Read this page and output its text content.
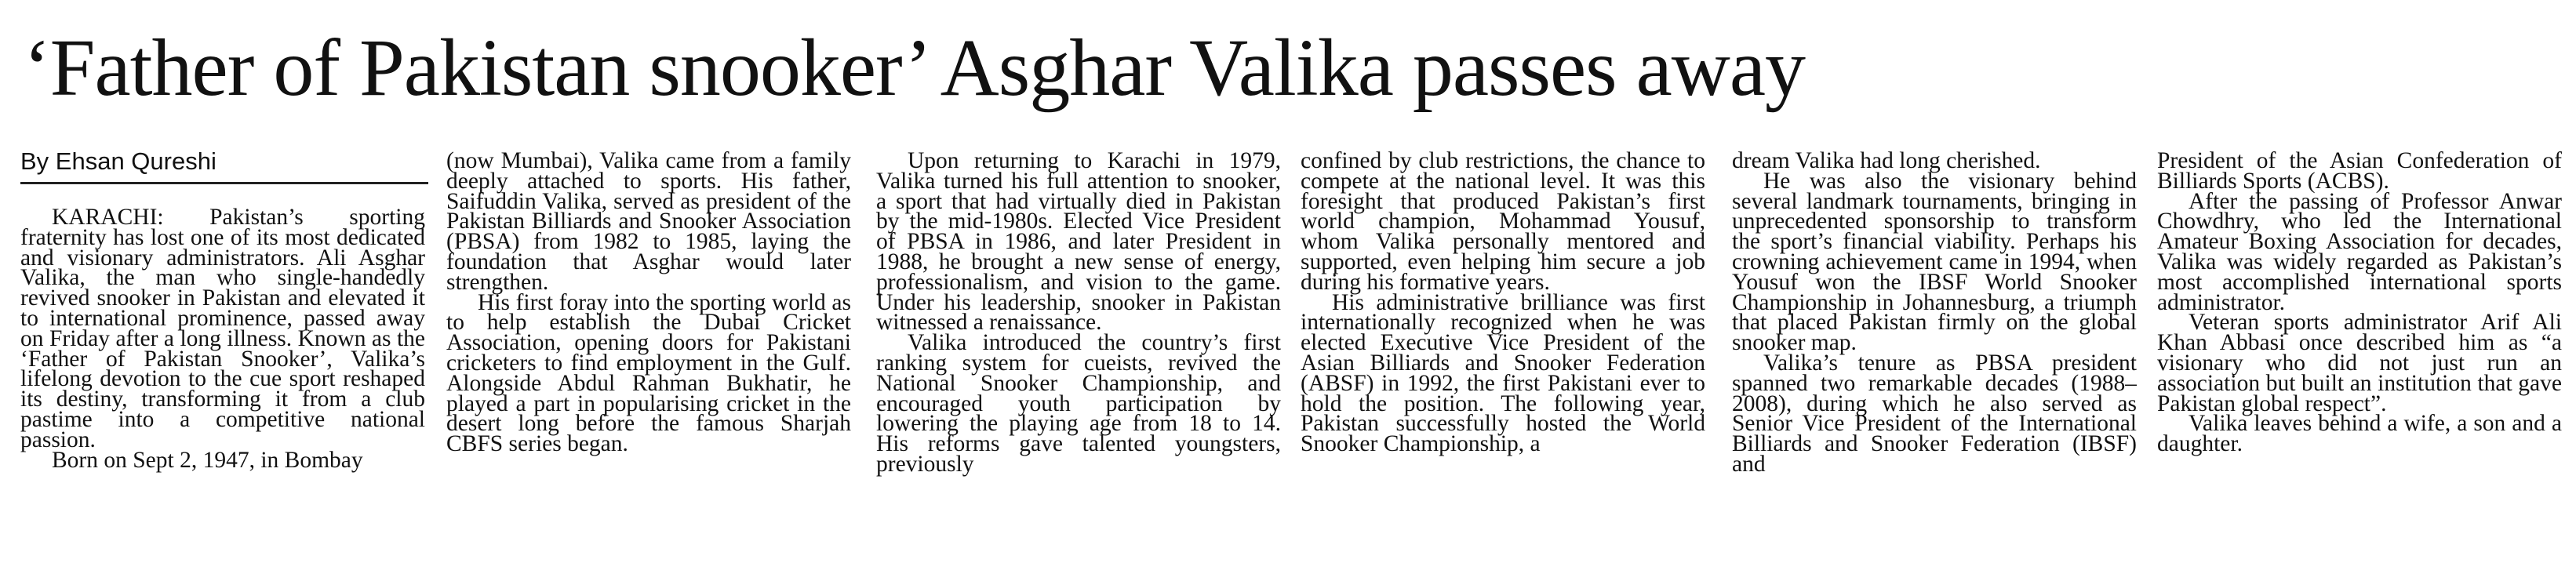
‘Father of Pakistan snooker’ Asghar Valika passes away
By Ehsan Qureshi

KARACHI: Pakistan’s sporting fraternity has lost one of its most dedicated and visionary administrators. Ali Asghar Valika, the man who single-handedly revived snooker in Pakistan and elevated it to international prominence, passed away on Friday after a long illness. Known as the ‘Father of Pakistan Snooker’, Valika’s lifelong devotion to the cue sport reshaped its destiny, transforming it from a club pastime into a competitive national passion.

Born on Sept 2, 1947, in Bombay

(now Mumbai), Valika came from a family deeply attached to sports. His father, Saifuddin Valika, served as president of the Pakistan Billiards and Snooker Association (PBSA) from 1982 to 1985, laying the foundation that Asghar would later strengthen.

His first foray into the sporting world as to help establish the Dubai Cricket Association, opening doors for Pakistani cricketers to find employment in the Gulf. Alongside Abdul Rahman Bukhatir, he played a part in popularising cricket in the desert long before the famous Sharjah CBFS series began.

Upon returning to Karachi in 1979, Valika turned his full attention to snooker, a sport that had virtually died in Pakistan by the mid-1980s. Elected Vice President of PBSA in 1986, and later President in 1988, he brought a new sense of energy, professionalism, and vision to the game. Under his leadership, snooker in Pakistan witnessed a renaissance.

Valika introduced the country’s first ranking system for cueists, revived the National Snooker Championship, and encouraged youth participation by lowering the playing age from 18 to 14. His reforms gave talented youngsters, previously

confined by club restrictions, the chance to compete at the national level. It was this foresight that produced Pakistan’s first world champion, Mohammad Yousuf, whom Valika personally mentored and supported, even helping him secure a job during his formative years.

His administrative brilliance was first internationally recognized when he was elected Executive Vice President of the Asian Billiards and Snooker Federation (ABSF) in 1992, the first Pakistani ever to hold the position. The following year, Pakistan successfully hosted the World Snooker Championship, a

dream Valika had long cherished.

He was also the visionary behind several landmark tournaments, bringing in unprecedented sponsorship to transform the sport’s financial viability. Perhaps his crowning achievement came in 1994, when Yousuf won the IBSF World Snooker Championship in Johannesburg, a triumph that placed Pakistan firmly on the global snooker map.

Valika’s tenure as PBSA president spanned two remarkable decades (1988–2008), during which he also served as Senior Vice President of the International Billiards and Snooker Federation (IBSF) and

President of the Asian Confederation of Billiards Sports (ACBS).

After the passing of Professor Anwar Chowdhry, who led the International Amateur Boxing Association for decades, Valika was widely regarded as Pakistan’s most accomplished international sports administrator.

Veteran sports administrator Arif Ali Khan Abbasi once described him as “a visionary who did not just run an association but built an institution that gave Pakistan global respect”.

Valika leaves behind a wife, a son and a daughter.
